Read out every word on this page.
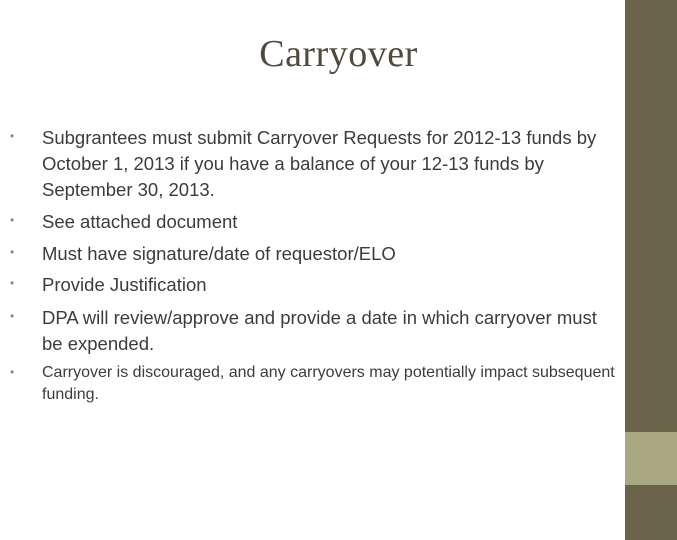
Carryover
• Subgrantees must submit Carryover Requests for 2012-13 funds by October 1, 2013 if you have a balance of your 12-13 funds by September 30, 2013.
• See attached document
• Must have signature/date of requestor/ELO
• Provide Justification
• DPA will review/approve and provide a date in which carryover must be expended.
• Carryover is discouraged, and any carryovers may potentially impact subsequent funding.
